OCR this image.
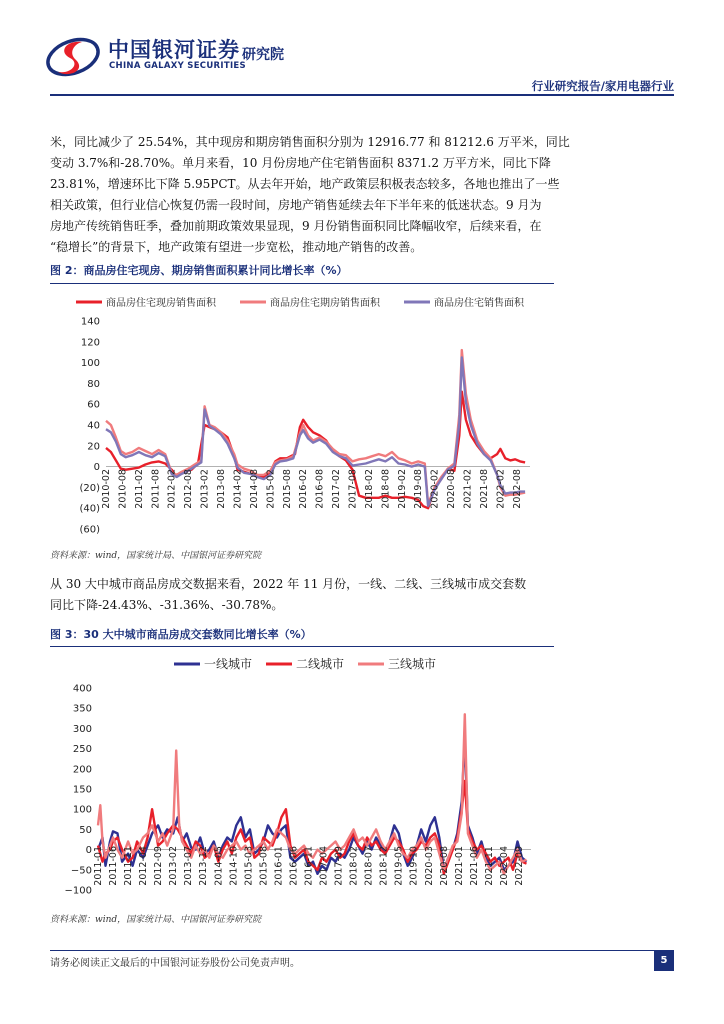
中国银河证券
CHINA GALAXY SECURITIES
研究院
行业研究报告/家用电器行业
米，同比减少了 25.54%，其中现房和期房销售面积分别为 12916.77 和 81212.6 万平米，同比
变动 3.7%和-28.70%。单月来看，10 月份房地产住宅销售面积 8371.2 万平方米，同比下降
23.81%，增速环比下降 5.95PCT。从去年开始，地产政策层积极表态较多，各地也推出了一些
相关政策，但行业信心恢复仍需一段时间，房地产销售延续去年下半年来的低迷状态。9 月为
房地产传统销售旺季，叠加前期政策效果显现，9 月份销售面积同比降幅收窄，后续来看，在
“稳增长”的背景下，地产政策有望进一步宽松，推动地产销售的改善。
图 2：商品房住宅现房、期房销售面积累计同比增长率（%）
商品房住宅现房销售面积	商品房住宅期房销售面积	商品房住宅销售面积
140
120
100
80
60
40
20
0
(20)
(40)
(60)
2010-02 2010-08 2011-02 2011-08 2012-02 2012-08 2013-02 2013-08 2014-02 2014-08 2015-02 2015-08 2016-02 2016-08 2017-02 2017-08 2018-02 2018-08 2019-02 2019-08 2020-02 2020-08 2021-02 2021-08 2022-02 2022-08
资料来源：wind，国家统计局、中国银河证券研究院
从 30 大中城市商品房成交数据来看，2022 年 11 月份，一线、二线、三线城市成交套数
同比下降-24.43%、-31.36%、-30.78%。
图 3：30 大中城市商品房成交套数同比增长率（%）
一线城市	二线城市	三线城市
400
350
300
250
200
150
100
50
0
−50
−100
2011-01 2011-06 2011-11 2012-04 2012-09 2013-02 2013-07 2013-12 2014-05 2014-10 2015-03 2015-08 2016-01 2016-06 2016-11 2017-04 2017-09 2018-02 2018-07 2018-12 2019-05 2019-10 2020-03 2020-08 2021-01 2021-06 2021-11 2022-04 2022-09
资料来源：wind，国家统计局、中国银河证券研究院
请务必阅读正文最后的中国银河证券股份公司免责声明。	5
